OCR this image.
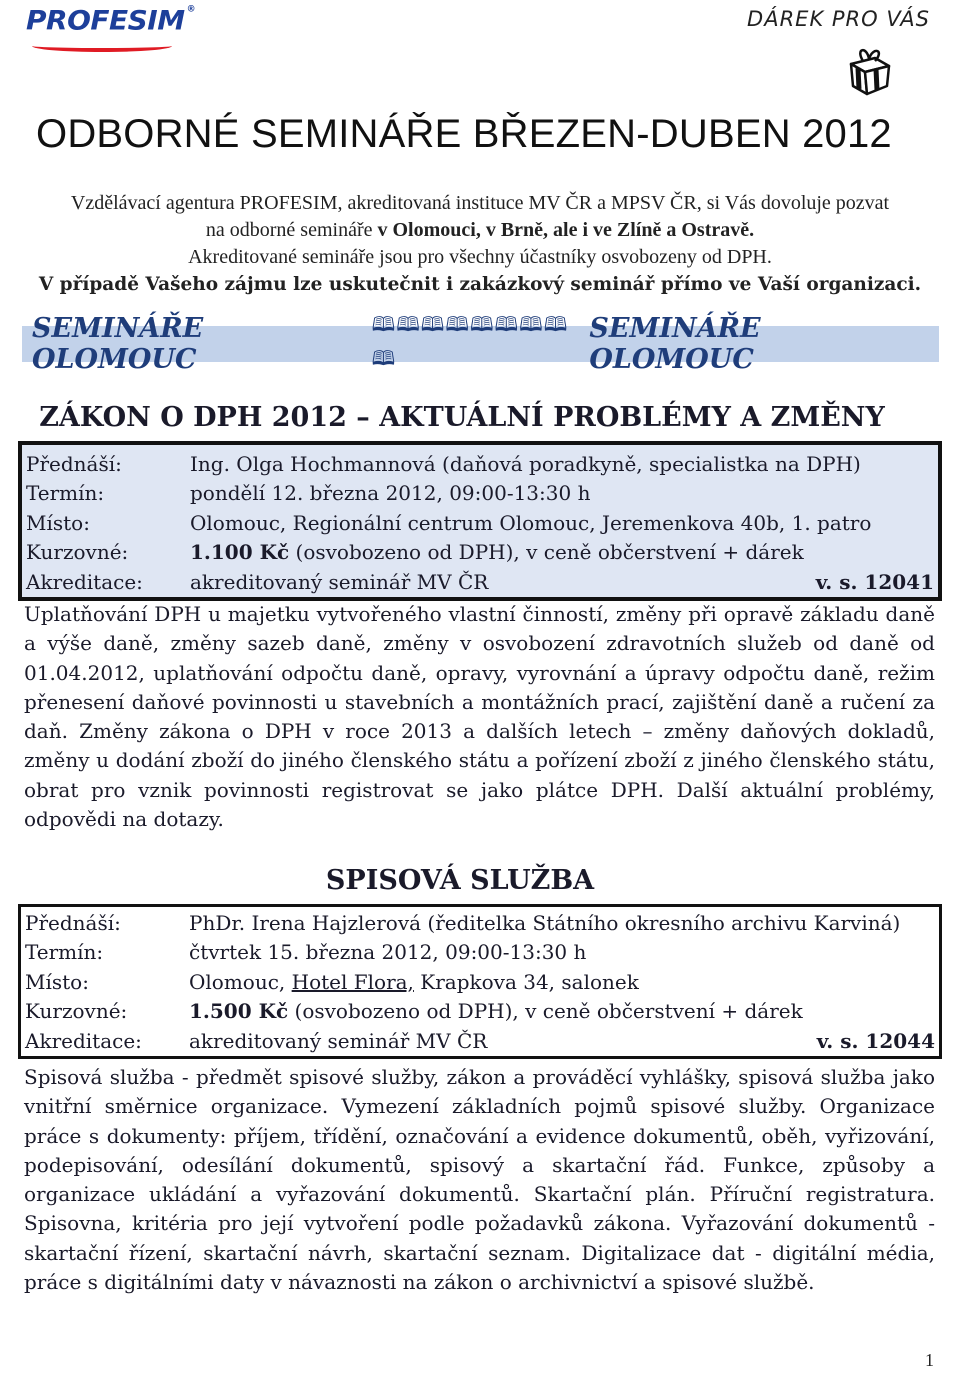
PROFESIM ®	DÁREK PRO VÁS
ODBORNÉ SEMINÁŘE BŘEZEN-DUBEN 2012

Vzdělávací agentura PROFESIM, akreditovaná instituce MV ČR a MPSV ČR, si Vás dovoluje pozvat

na odborné semináře v Olomouci, v Brně, ale i ve Zlíně a Ostravě.

Akreditované semináře jsou pro všechny účastníky osvobozeny od DPH.

V případě Vašeho zájmu lze uskutečnit i zakázkový seminář přímo ve Vaší organizaci.

SEMINÁŘE OLOMOUC
🕮🕮🕮🕮🕮🕮🕮🕮🕮
SEMINÁŘE OLOMOUC
ZÁKON O DPH 2012 – AKTUÁLNÍ PROBLÉMY A ZMĚNY
Přednáší:	Ing. Olga Hochmannová (daňová poradkyně, specialistka na DPH)
Termín:	pondělí 12. března 2012, 09:00-13:30 h
Místo:	Olomouc, Regionální centrum Olomouc, Jeremenkova 40b, 1. patro
Kurzovné:	1.100 Kč (osvobozeno od DPH), v ceně občerstvení + dárek
Akreditace:	akreditovaný seminář MV ČR v. s. 12041

Uplatňování DPH u majetku vytvořeného vlastní činností, změny při opravě základu daně a výše daně, změny sazeb daně, změny v osvobození zdravotních služeb od daně od 01.04.2012, uplatňování odpočtu daně, opravy, vyrovnání a úpravy odpočtu daně, režim přenesení daňové povinnosti u stavebních a montážních prací, zajištění daně a ručení za daň. Změny zákona o DPH v roce 2013 a dalších letech – změny daňových dokladů, změny u dodání zboží do jiného členského státu a pořízení zboží z jiného členského státu, obrat pro vznik povinnosti registrovat se jako plátce DPH. Další aktuální problémy, odpovědi na dotazy.

SPISOVÁ SLUŽBA
Přednáší:	PhDr. Irena Hajzlerová (ředitelka Státního okresního archivu Karviná)
Termín:	čtvrtek 15. března 2012, 09:00-13:30 h
Místo:	Olomouc, Hotel Flora, Krapkova 34, salonek
Kurzovné:	1.500 Kč (osvobozeno od DPH), v ceně občerstvení + dárek
Akreditace:	akreditovaný seminář MV ČR v. s. 12044

Spisová služba - předmět spisové služby, zákon a prováděcí vyhlášky, spisová služba jako vnitřní směrnice organizace. Vymezení základních pojmů spisové služby. Organizace práce s dokumenty: příjem, třídění, označování a evidence dokumentů, oběh, vyřizování, podepisování, odesílání dokumentů, spisový a skartační řád. Funkce, způsoby a organizace ukládání a vyřazování dokumentů. Skartační plán. Příruční registratura. Spisovna, kritéria pro její vytvoření podle požadavků zákona. Vyřazování dokumentů - skartační řízení, skartační návrh, skartační seznam. Digitalizace dat - digitální média, práce s digitálními daty v návaznosti na zákon o archivnictví a spisové službě.

1
